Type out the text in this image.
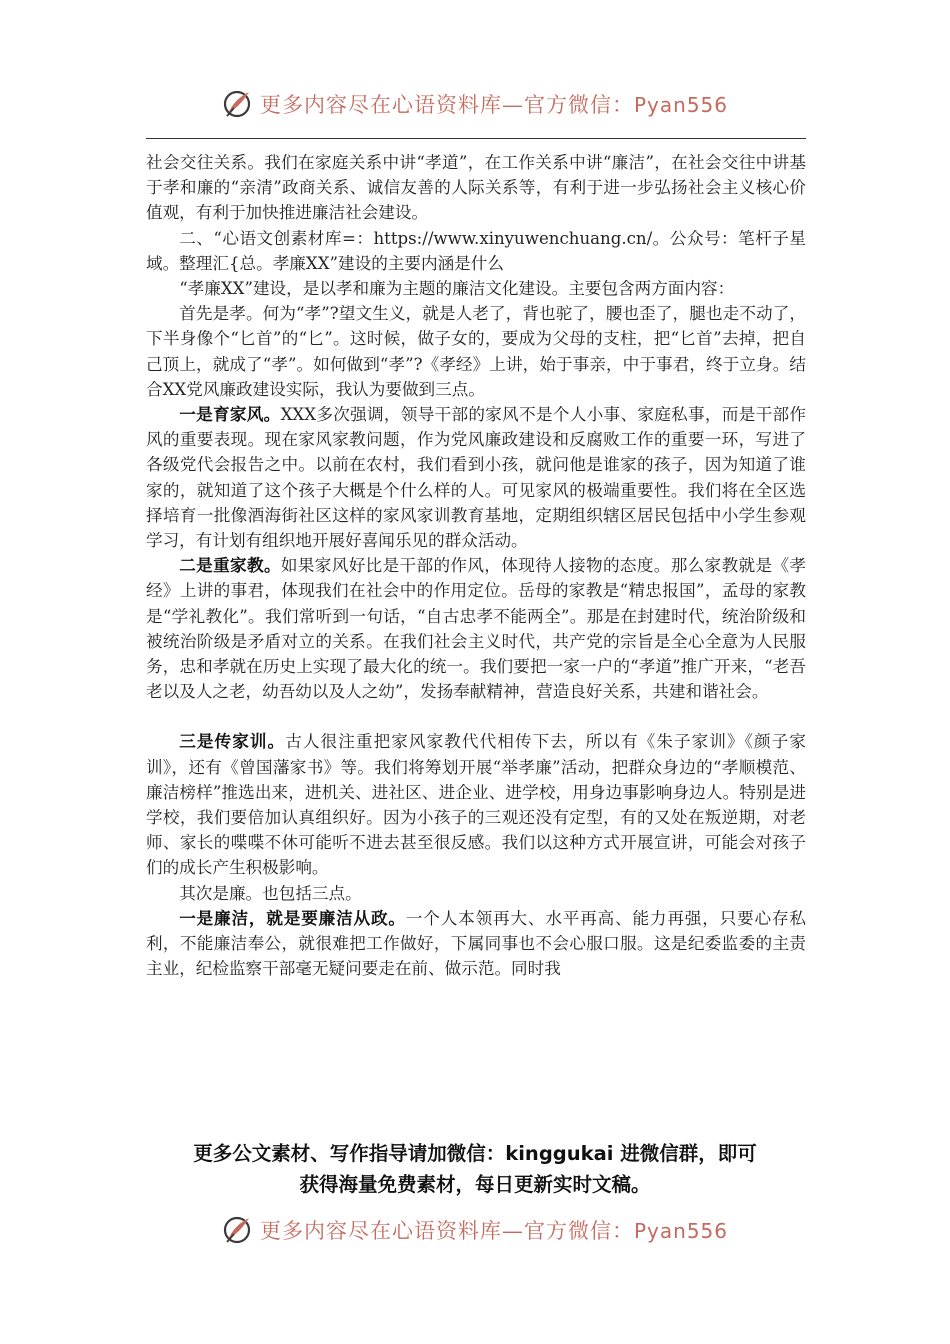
更多内容尽在心语资料库—官方微信：Pyan556

社会交往关系。我们在家庭关系中讲“孝道”，在工作关系中讲“廉洁”，在社会交往中讲基于孝和廉的“亲清”政商关系、诚信友善的人际关系等，有利于进一步弘扬社会主义核心价值观，有利于加快推进廉洁社会建设。

二、“心语文创素材库=：https://www.xinyuwenchuang.cn/。公众号：笔杆子星域。整理汇{总。孝廉XX”建设的主要内涵是什么

“孝廉XX”建设，是以孝和廉为主题的廉洁文化建设。主要包含两方面内容：

首先是孝。何为“孝”?望文生义，就是人老了，背也驼了，腰也歪了，腿也走不动了，下半身像个“匕首”的“匕”。这时候，做子女的，要成为父母的支柱，把“匕首”去掉，把自己顶上，就成了“孝”。如何做到“孝”?《孝经》上讲，始于事亲，中于事君，终于立身。结合XX党风廉政建设实际，我认为要做到三点。

一是育家风。XXX多次强调，领导干部的家风不是个人小事、家庭私事，而是干部作风的重要表现。现在家风家教问题，作为党风廉政建设和反腐败工作的重要一环，写进了各级党代会报告之中。以前在农村，我们看到小孩，就问他是谁家的孩子，因为知道了谁家的，就知道了这个孩子大概是个什么样的人。可见家风的极端重要性。我们将在全区选择培育一批像酒海街社区这样的家风家训教育基地，定期组织辖区居民包括中小学生参观学习，有计划有组织地开展好喜闻乐见的群众活动。

二是重家教。如果家风好比是干部的作风，体现待人接物的态度。那么家教就是《孝经》上讲的事君，体现我们在社会中的作用定位。岳母的家教是“精忠报国”，孟母的家教是“学礼教化”。我们常听到一句话，“自古忠孝不能两全”。那是在封建时代，统治阶级和被统治阶级是矛盾对立的关系。在我们社会主义时代，共产党的宗旨是全心全意为人民服务，忠和孝就在历史上实现了最大化的统一。我们要把一家一户的“孝道”推广开来，“老吾老以及人之老，幼吾幼以及人之幼”，发扬奉献精神，营造良好关系，共建和谐社会。

三是传家训。古人很注重把家风家教代代相传下去，所以有《朱子家训》《颜子家训》，还有《曾国藩家书》等。我们将筹划开展“举孝廉”活动，把群众身边的“孝顺模范、廉洁榜样”推选出来，进机关、进社区、进企业、进学校，用身边事影响身边人。特别是进学校，我们要倍加认真组织好。因为小孩子的三观还没有定型，有的又处在叛逆期，对老师、家长的喋喋不休可能听不进去甚至很反感。我们以这种方式开展宣讲，可能会对孩子们的成长产生积极影响。

其次是廉。也包括三点。

一是廉洁，就是要廉洁从政。一个人本领再大、水平再高、能力再强，只要心存私利，不能廉洁奉公，就很难把工作做好，下属同事也不会心服口服。这是纪委监委的主责主业，纪检监察干部毫无疑问要走在前、做示范。同时我

更多公文素材、写作指导请加微信：kinggukai 进微信群，即可
获得海量免费素材，每日更新实时文稿。
更多内容尽在心语资料库—官方微信：Pyan556
